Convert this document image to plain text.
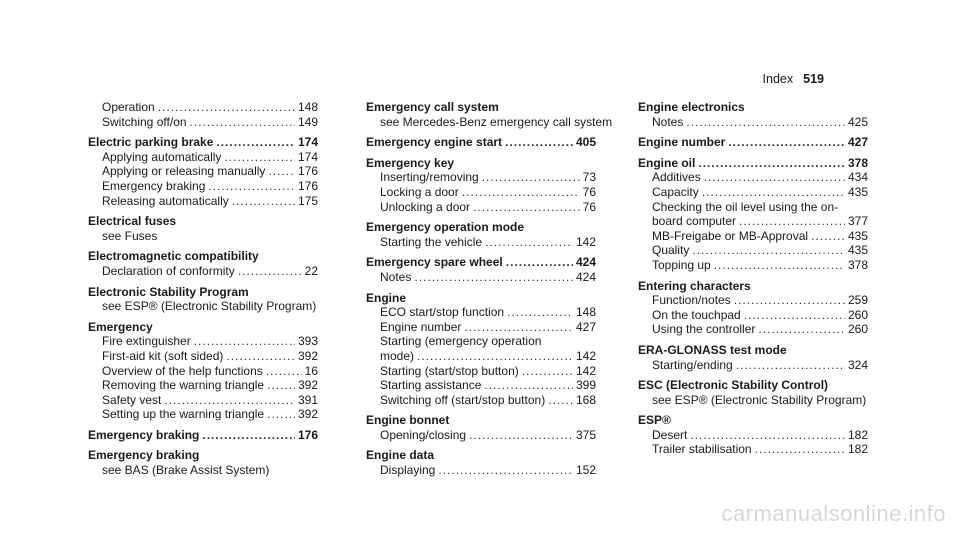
Index 519
Operation .....	148
Switching off/on .....	149
Electric parking brake .....	174
Applying automatically .....	174
Applying or releasing manually .....	176
Emergency braking .....	176
Releasing automatically .....	175
Electrical fuses
see Fuses
Electromagnetic compatibility
Declaration of conformity .....	22
Electronic Stability Program
see ESP® (Electronic Stability Program)
Emergency
Fire extinguisher .....	393
First-aid kit (soft sided) .....	392
Overview of the help functions .....	16
Removing the warning triangle .....	392
Safety vest .....	391
Setting up the warning triangle .....	392
Emergency braking .....	176
Emergency braking
see BAS (Brake Assist System)
Emergency call system
see Mercedes-Benz emergency call system
Emergency engine start .....	405
Emergency key
Inserting/removing .....	73
Locking a door .....	76
Unlocking a door .....	76
Emergency operation mode
Starting the vehicle .....	142
Emergency spare wheel .....	424
Notes .....	424
Engine
ECO start/stop function .....	148
Engine number .....	427
Starting (emergency operation
mode) .....	142
Starting (start/stop button) .....	142
Starting assistance .....	399
Switching off (start/stop button) .....	168
Engine bonnet
Opening/closing .....	375
Engine data
Displaying .....	152
Engine electronics
Notes .....	425
Engine number .....	427
Engine oil .....	378
Additives .....	434
Capacity .....	435
Checking the oil level using the on-
board computer .....	377
MB-Freigabe or MB-Approval .....	435
Quality .....	435
Topping up .....	378
Entering characters
Function/notes .....	259
On the touchpad .....	260
Using the controller .....	260
ERA-GLONASS test mode
Starting/ending .....	324
ESC (Electronic Stability Control)
see ESP® (Electronic Stability Program)
ESP®
Desert .....	182
Trailer stabilisation .....	182
carmanualsonline.info
